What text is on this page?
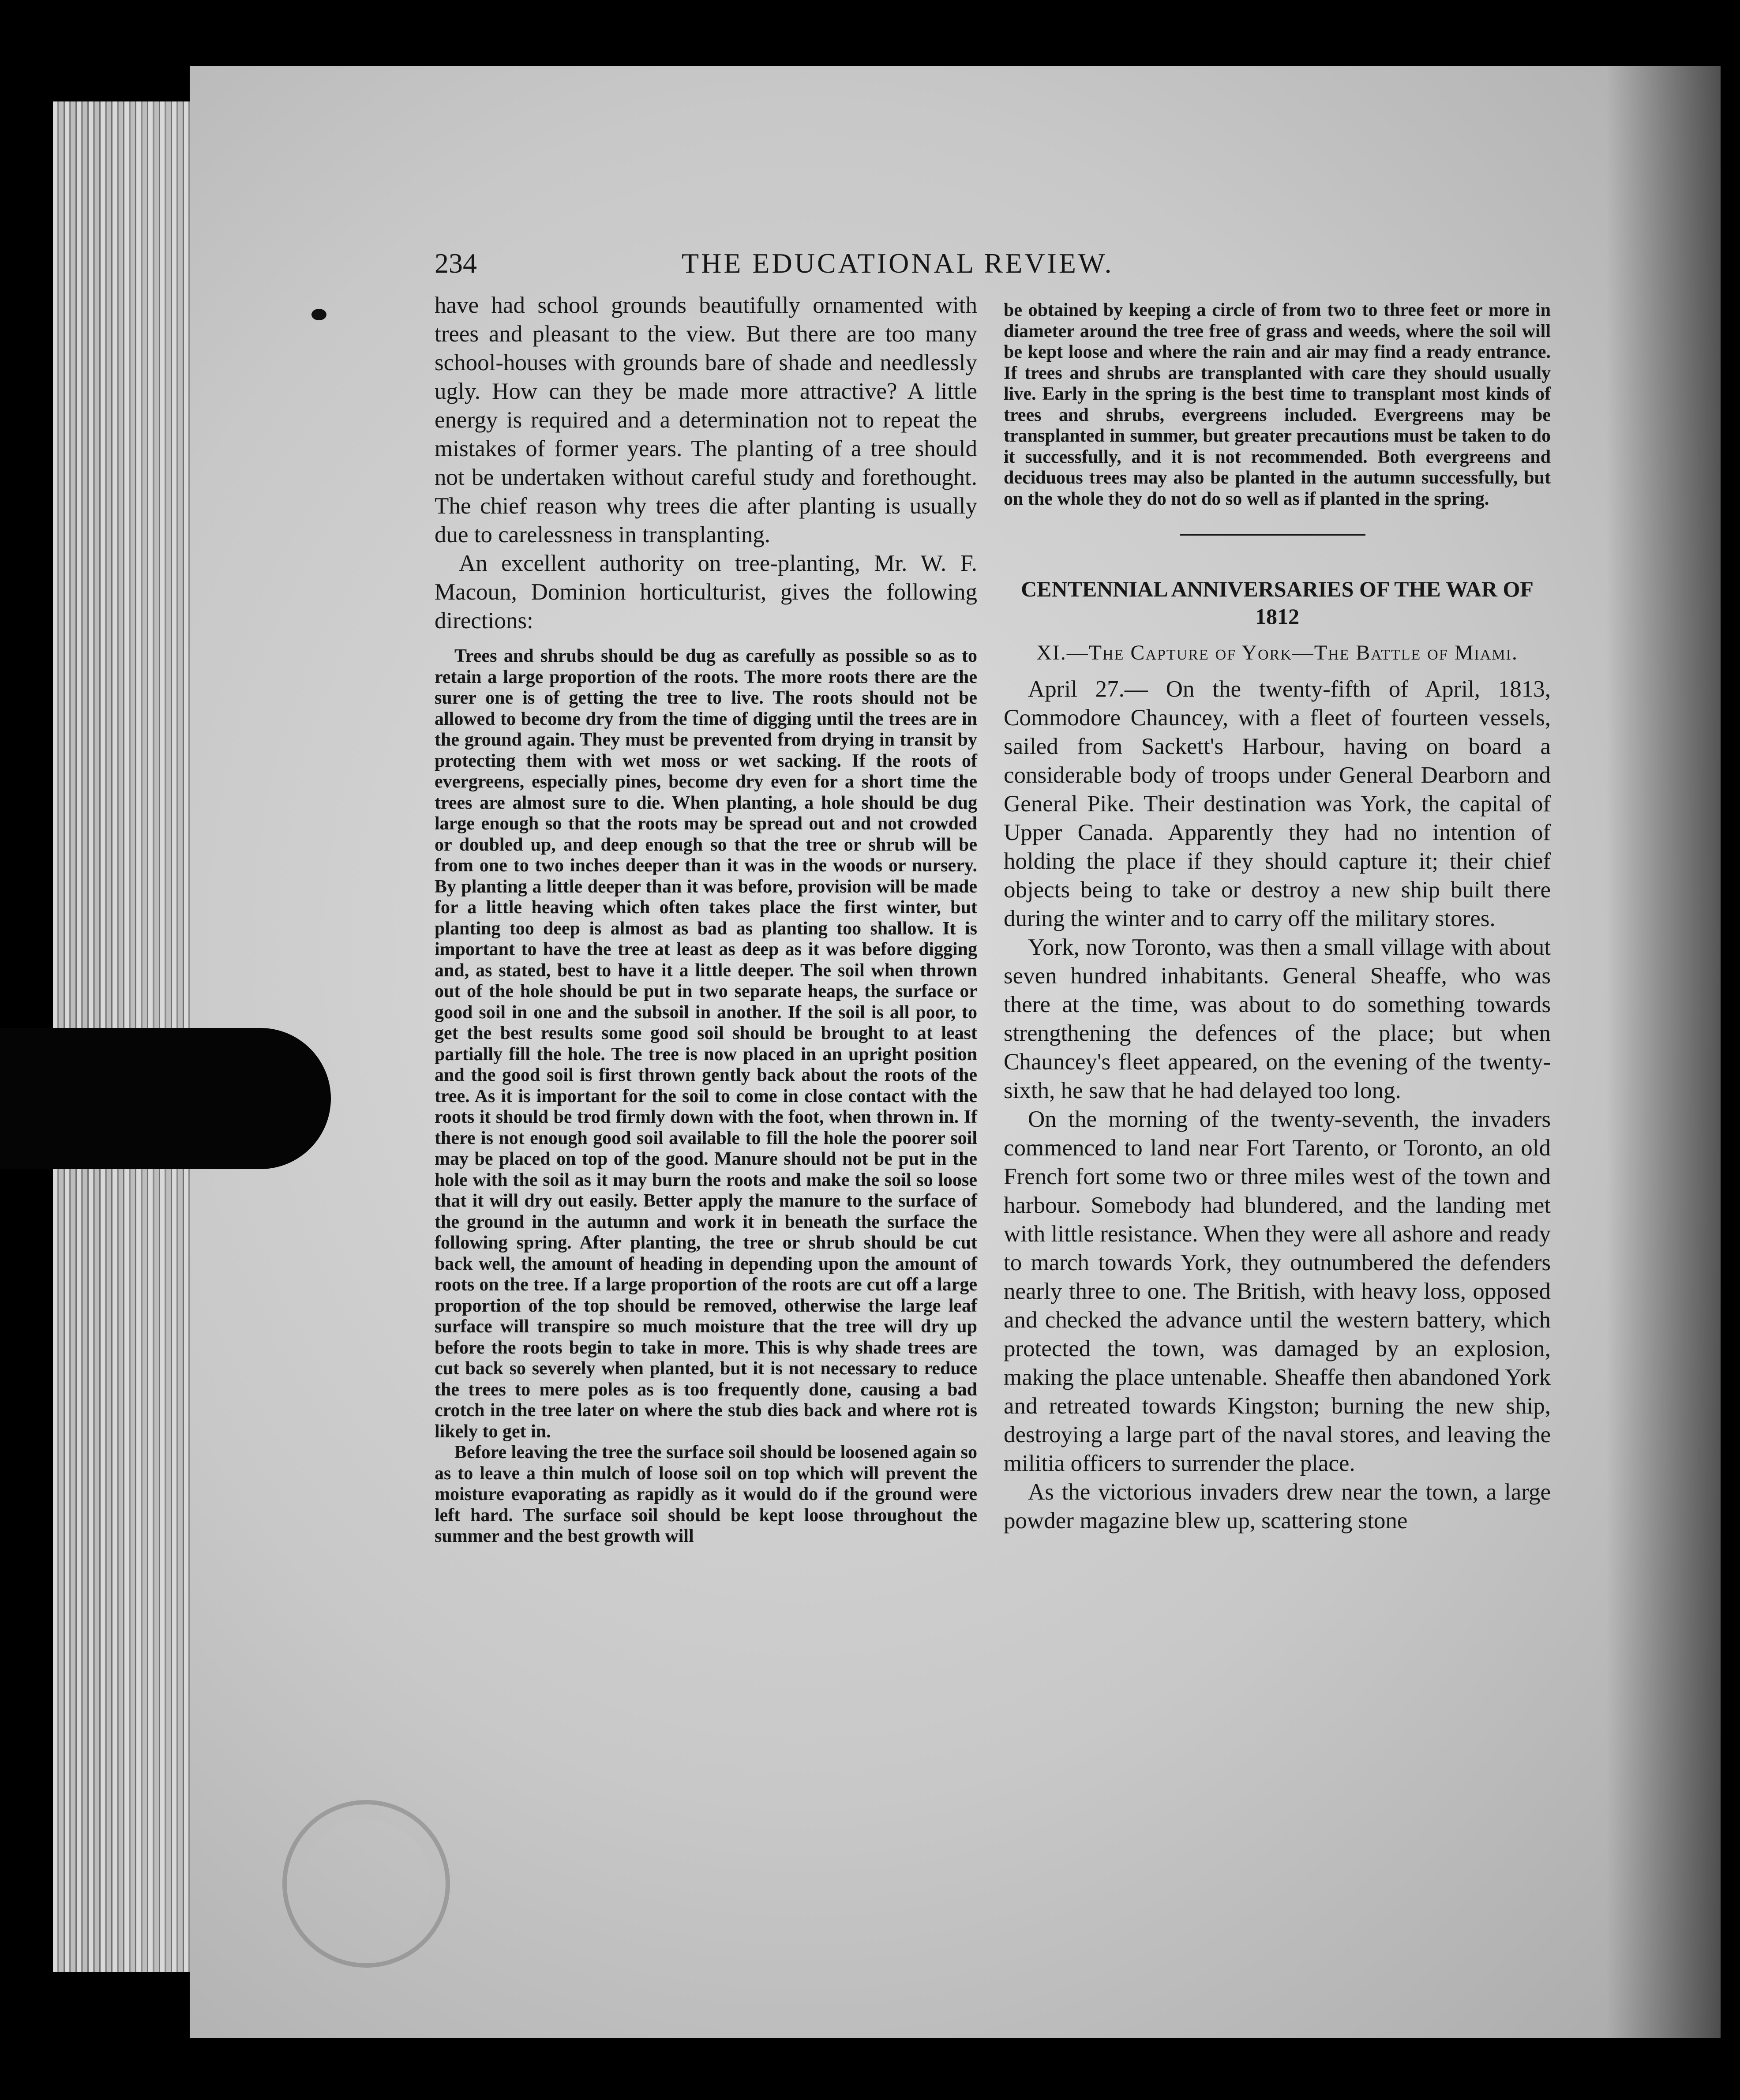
234	THE EDUCATIONAL REVIEW.

have had school grounds beautifully ornamented with trees and pleasant to the view. But there are too many school-houses with grounds bare of shade and needlessly ugly. How can they be made more attractive? A little energy is required and a determination not to repeat the mistakes of former years. The planting of a tree should not be undertaken without careful study and forethought. The chief reason why trees die after planting is usually due to carelessness in transplanting.

An excellent authority on tree-planting, Mr. W. F. Macoun, Dominion horticulturist, gives the following directions:

Trees and shrubs should be dug as carefully as possible so as to retain a large proportion of the roots. The more roots there are the surer one is of getting the tree to live. The roots should not be allowed to become dry from the time of digging until the trees are in the ground again. They must be prevented from drying in transit by protecting them with wet moss or wet sacking. If the roots of evergreens, especially pines, become dry even for a short time the trees are almost sure to die. When planting, a hole should be dug large enough so that the roots may be spread out and not crowded or doubled up, and deep enough so that the tree or shrub will be from one to two inches deeper than it was in the woods or nursery. By planting a little deeper than it was before, provision will be made for a little heaving which often takes place the first winter, but planting too deep is almost as bad as planting too shallow. It is important to have the tree at least as deep as it was before digging and, as stated, best to have it a little deeper. The soil when thrown out of the hole should be put in two separate heaps, the surface or good soil in one and the subsoil in another. If the soil is all poor, to get the best results some good soil should be brought to at least partially fill the hole. The tree is now placed in an upright position and the good soil is first thrown gently back about the roots of the tree. As it is important for the soil to come in close contact with the roots it should be trod firmly down with the foot, when thrown in. If there is not enough good soil available to fill the hole the poorer soil may be placed on top of the good. Manure should not be put in the hole with the soil as it may burn the roots and make the soil so loose that it will dry out easily. Better apply the manure to the surface of the ground in the autumn and work it in beneath the surface the following spring. After planting, the tree or shrub should be cut back well, the amount of heading in depending upon the amount of roots on the tree. If a large proportion of the roots are cut off a large proportion of the top should be removed, otherwise the large leaf surface will transpire so much moisture that the tree will dry up before the roots begin to take in more. This is why shade trees are cut back so severely when planted, but it is not necessary to reduce the trees to mere poles as is too frequently done, causing a bad crotch in the tree later on where the stub dies back and where rot is likely to get in.

Before leaving the tree the surface soil should be loosened again so as to leave a thin mulch of loose soil on top which will prevent the moisture evaporating as rapidly as it would do if the ground were left hard. The surface soil should be kept loose throughout the summer and the best growth will

be obtained by keeping a circle of from two to three feet or more in diameter around the tree free of grass and weeds, where the soil will be kept loose and where the rain and air may find a ready entrance. If trees and shrubs are transplanted with care they should usually live. Early in the spring is the best time to transplant most kinds of trees and shrubs, evergreens included. Evergreens may be transplanted in summer, but greater precautions must be taken to do it successfully, and it is not recommended. Both evergreens and deciduous trees may also be planted in the autumn successfully, but on the whole they do not do so well as if planted in the spring.

CENTENNIAL ANNIVERSARIES OF THE WAR OF 1812
XI.—The Capture of York—The Battle of Miami.

April 27.— On the twenty-fifth of April, 1813, Commodore Chauncey, with a fleet of fourteen vessels, sailed from Sackett's Harbour, having on board a considerable body of troops under General Dearborn and General Pike. Their destination was York, the capital of Upper Canada. Apparently they had no intention of holding the place if they should capture it; their chief objects being to take or destroy a new ship built there during the winter and to carry off the military stores.

York, now Toronto, was then a small village with about seven hundred inhabitants. General Sheaffe, who was there at the time, was about to do something towards strengthening the defences of the place; but when Chauncey's fleet appeared, on the evening of the twenty-sixth, he saw that he had delayed too long.

On the morning of the twenty-seventh, the invaders commenced to land near Fort Tarento, or Toronto, an old French fort some two or three miles west of the town and harbour. Somebody had blundered, and the landing met with little resistance. When they were all ashore and ready to march towards York, they outnumbered the defenders nearly three to one. The British, with heavy loss, opposed and checked the advance until the western battery, which protected the town, was damaged by an explosion, making the place untenable. Sheaffe then abandoned York and retreated towards Kingston; burning the new ship, destroying a large part of the naval stores, and leaving the militia officers to surrender the place.

As the victorious invaders drew near the town, a large powder magazine blew up, scattering stone
